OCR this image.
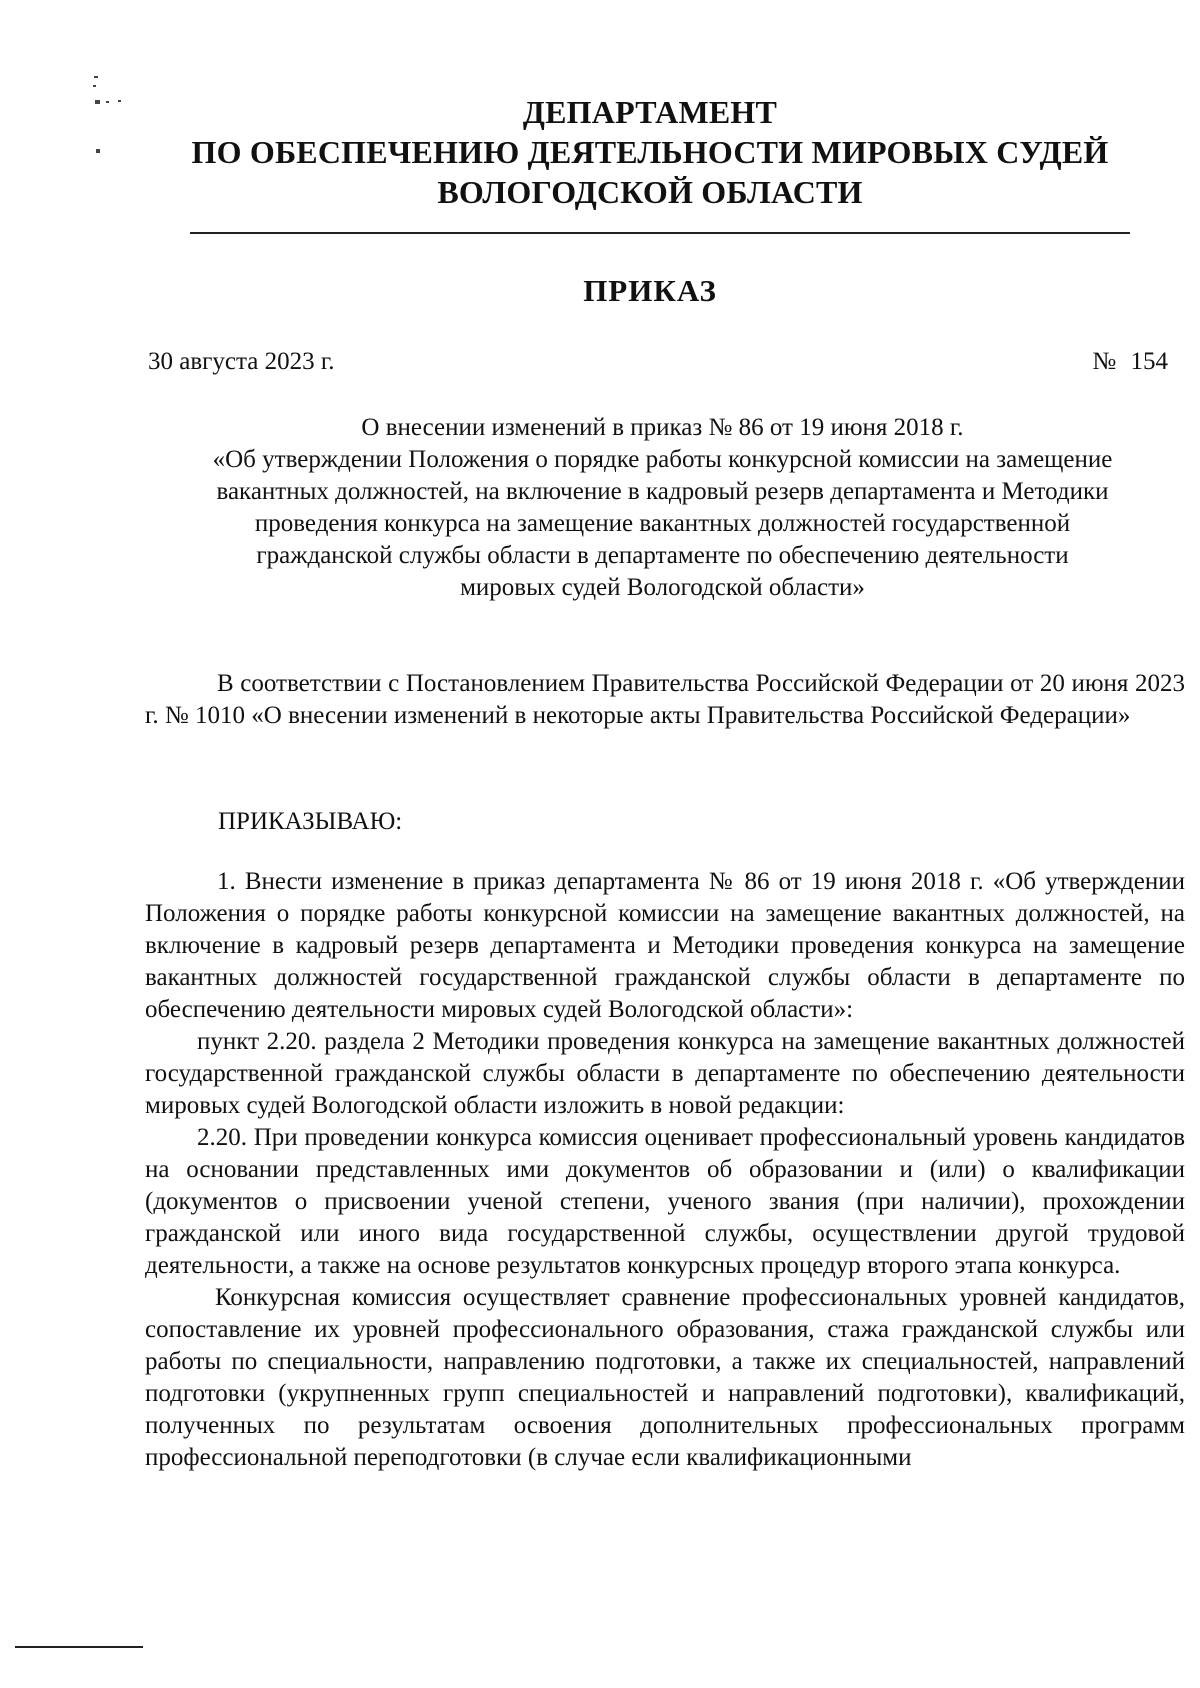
ДЕПАРТАМЕНТ
ПО ОБЕСПЕЧЕНИЮ ДЕЯТЕЛЬНОСТИ МИРОВЫХ СУДЕЙ
ВОЛОГОДСКОЙ ОБЛАСТИ
ПРИКАЗ
30 августа 2023 г.	№ 154
О внесении изменений в приказ № 86 от 19 июня 2018 г.
«Об утверждении Положения о порядке работы конкурсной комиссии на замещение
вакантных должностей, на включение в кадровый резерв департамента и Методики
проведения конкурса на замещение вакантных должностей государственной
гражданской службы области в департаменте по обеспечению деятельности
мировых судей Вологодской области»

В соответствии с Постановлением Правительства Российской Федерации от 20 июня 2023 г. № 1010 «О внесении изменений в некоторые акты Правительства Российской Федерации»

ПРИКАЗЫВАЮ:

1. Внести изменение в приказ департамента № 86 от 19 июня 2018 г. «Об утверждении Положения о порядке работы конкурсной комиссии на замещение вакантных должностей, на включение в кадровый резерв департамента и Методики проведения конкурса на замещение вакантных должностей государственной гражданской службы области в департаменте по обеспечению деятельности мировых судей Вологодской области»:

пункт 2.20. раздела 2 Методики проведения конкурса на замещение вакантных должностей государственной гражданской службы области в департаменте по обеспечению деятельности мировых судей Вологодской области изложить в новой редакции:

2.20. При проведении конкурса комиссия оценивает профессиональный уровень кандидатов на основании представленных ими документов об образовании и (или) о квалификации (документов о присвоении ученой степени, ученого звания (при наличии), прохождении гражданской или иного вида государственной службы, осуществлении другой трудовой деятельности, а также на основе результатов конкурсных процедур второго этапа конкурса.

Конкурсная комиссия осуществляет сравнение профессиональных уровней кандидатов, сопоставление их уровней профессионального образования, стажа гражданской службы или работы по специальности, направлению подготовки, а также их специальностей, направлений подготовки (укрупненных групп специальностей и направлений подготовки), квалификаций, полученных по результатам освоения дополнительных профессиональных программ профессиональной переподготовки (в случае если квалификационными
